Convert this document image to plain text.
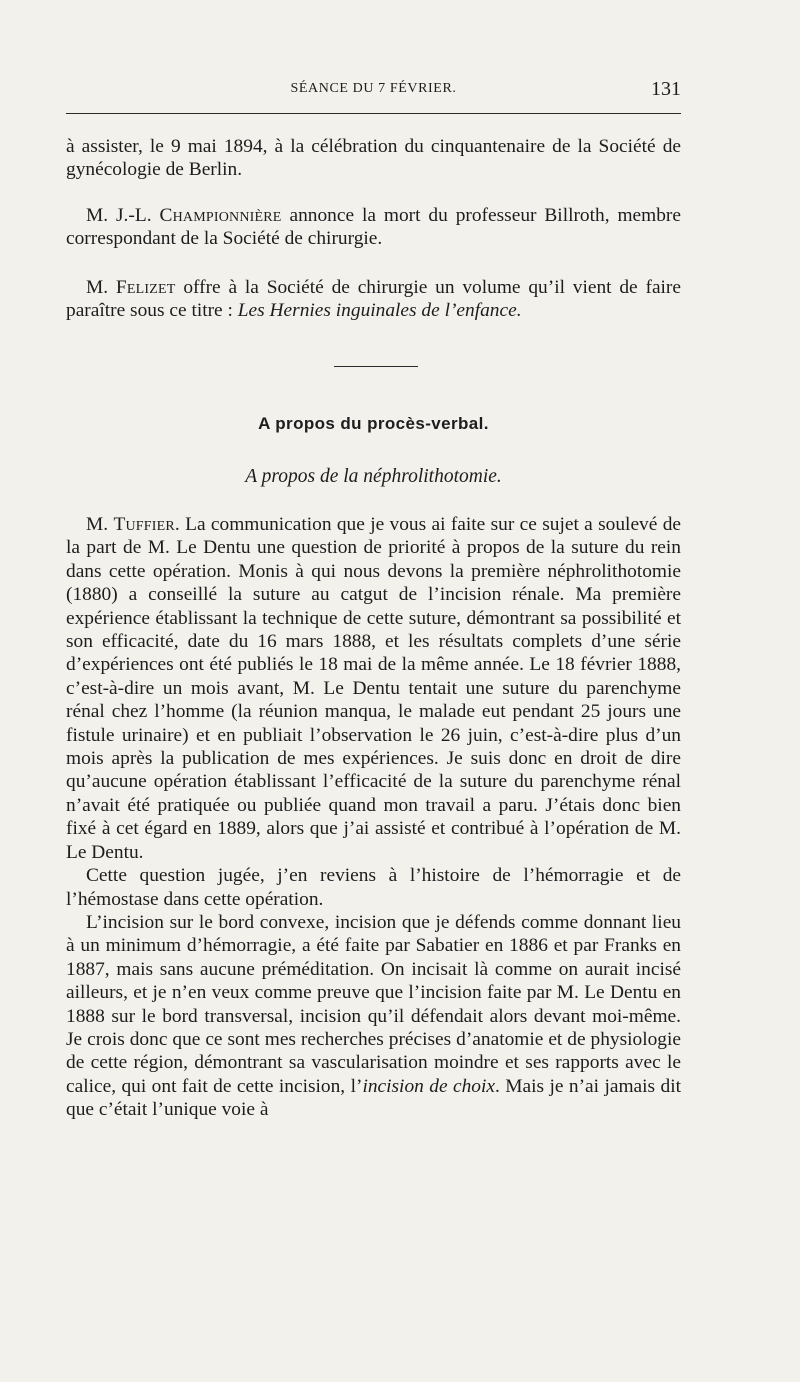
SÉANCE DU 7 FÉVRIER.	131

à assister, le 9 mai 1894, à la célébration du cinquantenaire de la Société de gynécologie de Berlin.

M. J.-L. Championnière annonce la mort du professeur Billroth, membre correspondant de la Société de chirurgie.

M. Felizet offre à la Société de chirurgie un volume qu’il vient de faire paraître sous ce titre : Les Hernies inguinales de l’enfance.

A propos du procès-verbal.
A propos de la néphrolithotomie.

M. Tuffier. La communication que je vous ai faite sur ce sujet a soulevé de la part de M. Le Dentu une question de priorité à propos de la suture du rein dans cette opération. Monis à qui nous devons la première néphrolithotomie (1880) a conseillé la suture au catgut de l’incision rénale. Ma première expérience établissant la technique de cette suture, démontrant sa possibilité et son efficacité, date du 16 mars 1888, et les résultats complets d’une série d’expériences ont été publiés le 18 mai de la même année. Le 18 février 1888, c’est-à-dire un mois avant, M. Le Dentu tentait une suture du parenchyme rénal chez l’homme (la réunion manqua, le malade eut pendant 25 jours une fistule urinaire) et en publiait l’observation le 26 juin, c’est-à-dire plus d’un mois après la publication de mes expériences. Je suis donc en droit de dire qu’aucune opération établissant l’efficacité de la suture du parenchyme rénal n’avait été pratiquée ou publiée quand mon travail a paru. J’étais donc bien fixé à cet égard en 1889, alors que j’ai assisté et contribué à l’opération de M. Le Dentu.

Cette question jugée, j’en reviens à l’histoire de l’hémorragie et de l’hémostase dans cette opération.

L’incision sur le bord convexe, incision que je défends comme donnant lieu à un minimum d’hémorragie, a été faite par Sabatier en 1886 et par Franks en 1887, mais sans aucune préméditation. On incisait là comme on aurait incisé ailleurs, et je n’en veux comme preuve que l’incision faite par M. Le Dentu en 1888 sur le bord transversal, incision qu’il défendait alors devant moi-même. Je crois donc que ce sont mes recherches précises d’anatomie et de physiologie de cette région, démontrant sa vascularisation moindre et ses rapports avec le calice, qui ont fait de cette incision, l’incision de choix. Mais je n’ai jamais dit que c’était l’unique voie à
